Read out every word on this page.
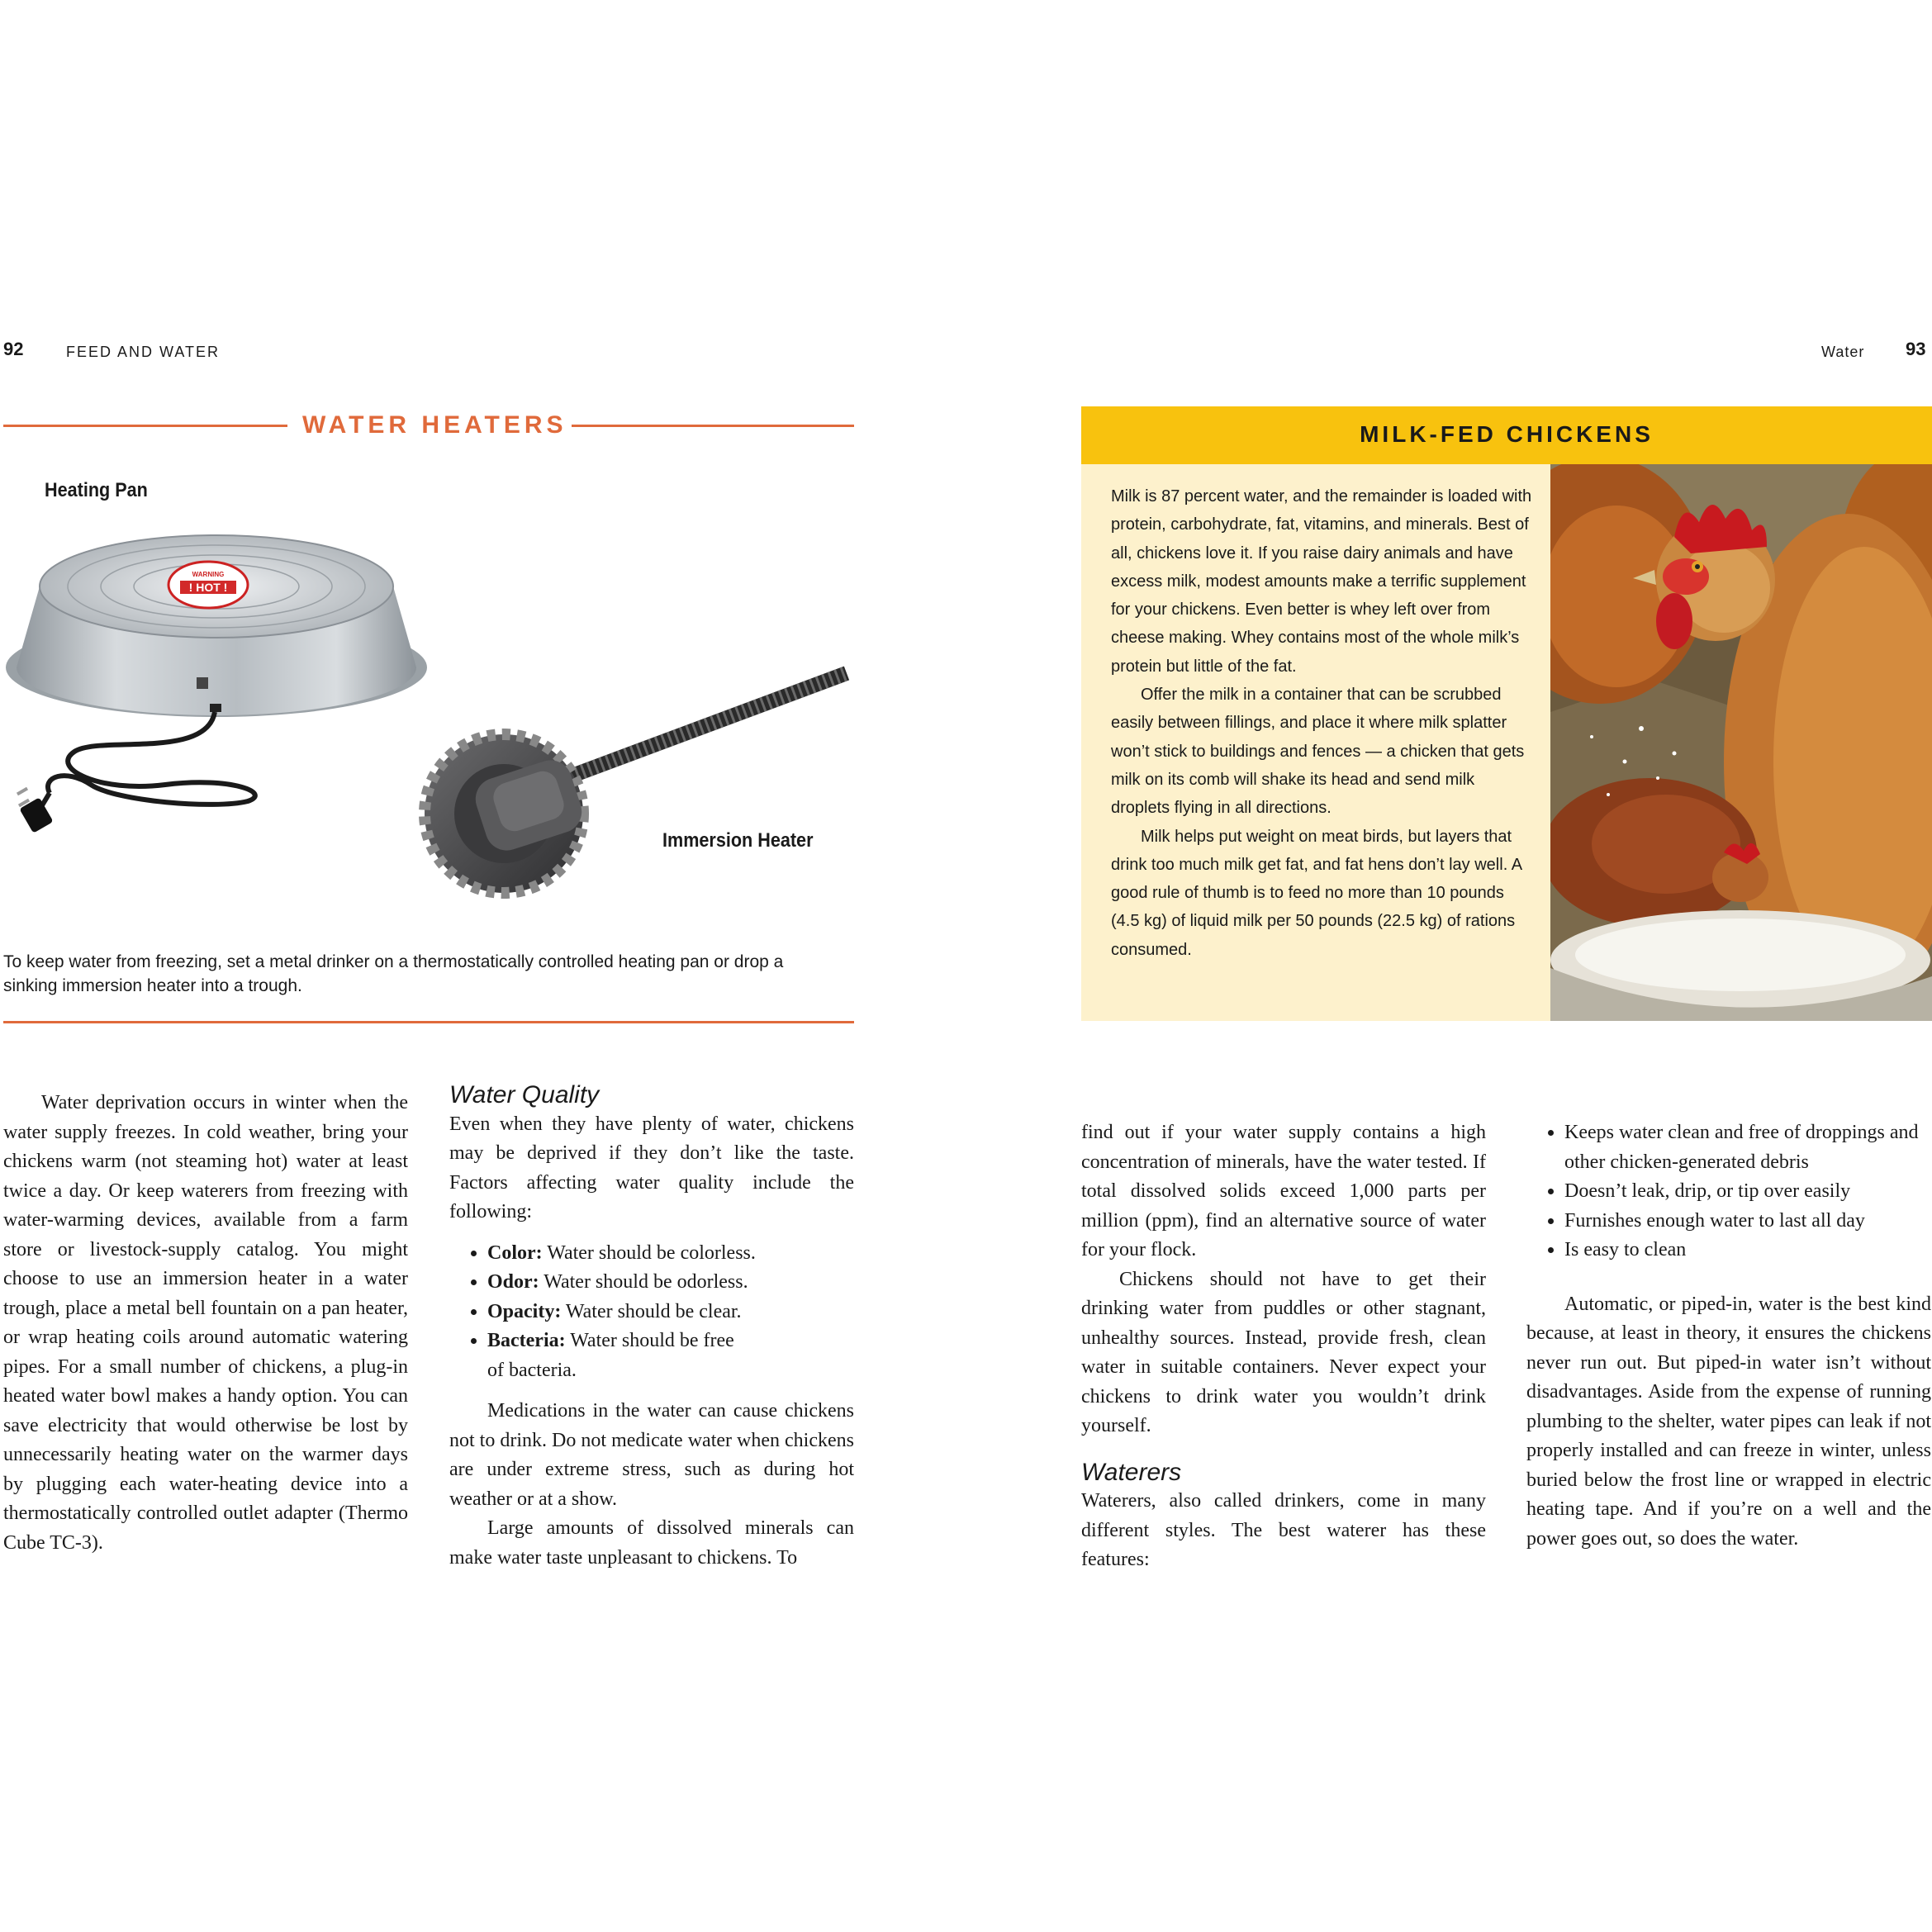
92	FEED AND WATER
WATER HEATERS
Heating Pan
WARNING
! HOT !
Immersion Heater
To keep water from freezing, set a metal drinker on a thermostatically controlled heating pan or drop a sinking immersion heater into a trough.

Water deprivation occurs in winter when the water supply freezes. In cold weather, bring your chickens warm (not steaming hot) water at least twice a day. Or keep waterers from freezing with water-warming devices, available from a farm store or livestock-supply catalog. You might choose to use an immersion heater in a water trough, place a metal bell fountain on a pan heater, or wrap heating coils around automatic watering pipes. For a small number of chickens, a plug-in heated water bowl makes a handy option. You can save electricity that would otherwise be lost by unnecessarily heating water on the warmer days by plugging each water-heating device into a thermostatically controlled outlet adapter (Thermo Cube TC-3).

Water Quality

Even when they have plenty of water, chickens may be deprived if they don’t like the taste. Factors affecting water quality include the following:

• Color: Water should be colorless.
• Odor: Water should be odorless.
• Opacity: Water should be clear.
• Bacteria: Water should be free
of bacteria.

Medications in the water can cause chickens not to drink. Do not medicate water when chickens are under extreme stress, such as during hot weather or at a show.

Large amounts of dissolved minerals can make water taste unpleasant to chickens. To

Water 93
MILK-FED CHICKENS

Milk is 87 percent water, and the remainder is loaded with protein, carbohydrate, fat, vitamins, and minerals. Best of all, chickens love it. If you raise dairy animals and have excess milk, modest amounts make a terrific supplement for your chickens. Even better is whey left over from cheese making. Whey contains most of the whole milk’s protein but little of the fat.

Offer the milk in a container that can be scrubbed easily between fillings, and place it where milk splatter won’t stick to buildings and fences — a chicken that gets milk on its comb will shake its head and send milk droplets flying in all directions.

Milk helps put weight on meat birds, but layers that drink too much milk get fat, and fat hens don’t lay well. A good rule of thumb is to feed no more than 10 pounds (4.5 kg) of liquid milk per 50 pounds (22.5 kg) of rations consumed.

find out if your water supply contains a high concentration of minerals, have the water tested. If total dissolved solids exceed 1,000 parts per million (ppm), find an alternative source of water for your flock.

Chickens should not have to get their drinking water from puddles or other stagnant, unhealthy sources. Instead, provide fresh, clean water in suitable containers. Never expect your chickens to drink water you wouldn’t drink yourself.

Waterers

Waterers, also called drinkers, come in many different styles. The best waterer has these features:

• Keeps water clean and free of droppings and other chicken-generated debris
• Doesn’t leak, drip, or tip over easily
• Furnishes enough water to last all day
• Is easy to clean

Automatic, or piped-in, water is the best kind because, at least in theory, it ensures the chickens never run out. But piped-in water isn’t without disadvantages. Aside from the expense of running plumbing to the shelter, water pipes can leak if not properly installed and can freeze in winter, unless buried below the frost line or wrapped in electric heating tape. And if you’re on a well and the power goes out, so does the water.
